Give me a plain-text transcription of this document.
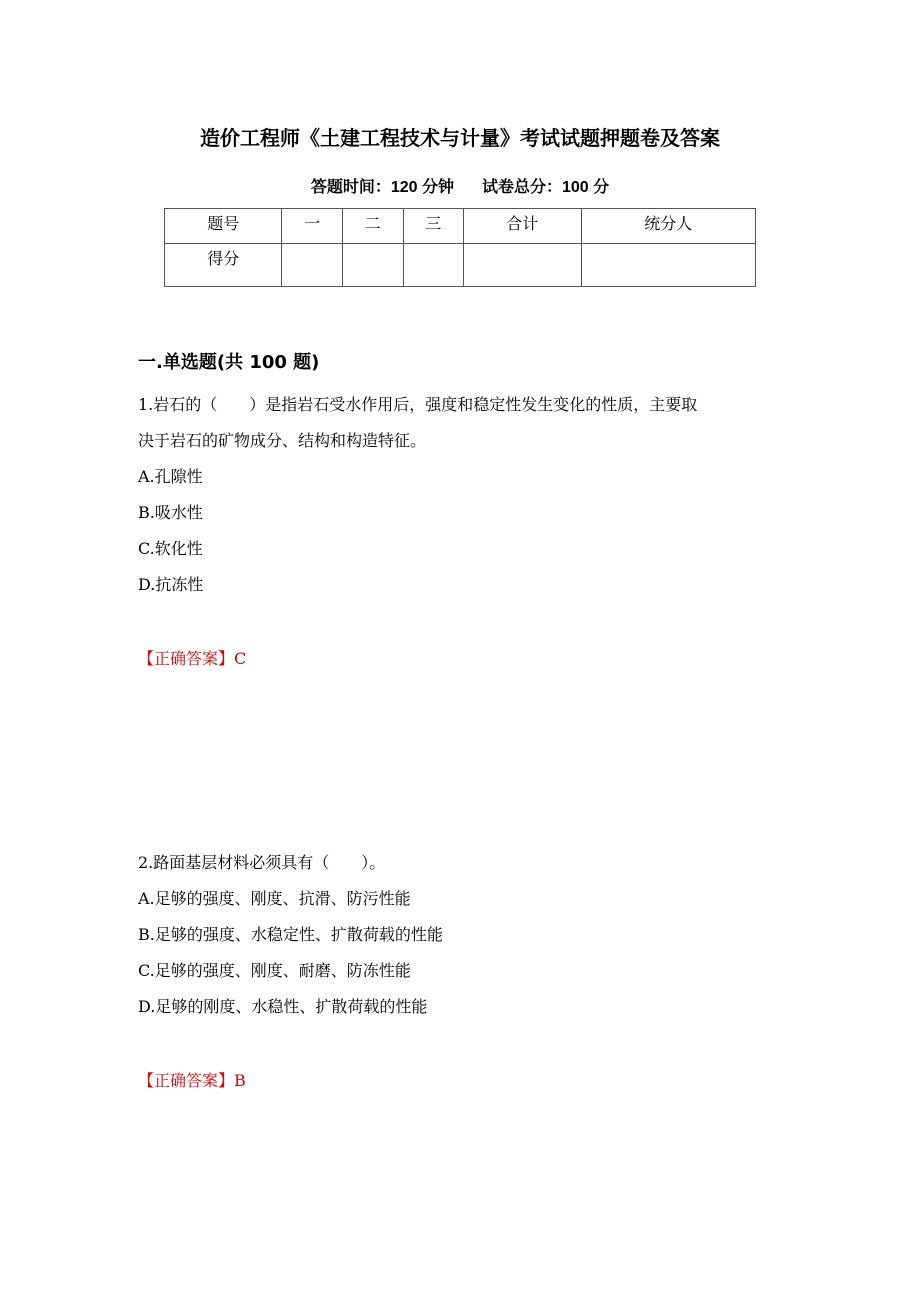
造价工程师《土建工程技术与计量》考试试题押题卷及答案
答题时间：120 分钟 试卷总分：100 分
题号	一	二	三	合计	统分人
得分					
一.单选题(共 100 题)
1.岩石的（　　）是指岩石受水作用后，强度和稳定性发生变化的性质，主要取
决于岩石的矿物成分、结构和构造特征。
A.孔隙性
B.吸水性
C.软化性
D.抗冻性
【正确答案】C
2.路面基层材料必须具有（　　）。
A.足够的强度、刚度、抗滑、防污性能
B.足够的强度、水稳定性、扩散荷载的性能
C.足够的强度、刚度、耐磨、防冻性能
D.足够的刚度、水稳性、扩散荷载的性能
【正确答案】B
